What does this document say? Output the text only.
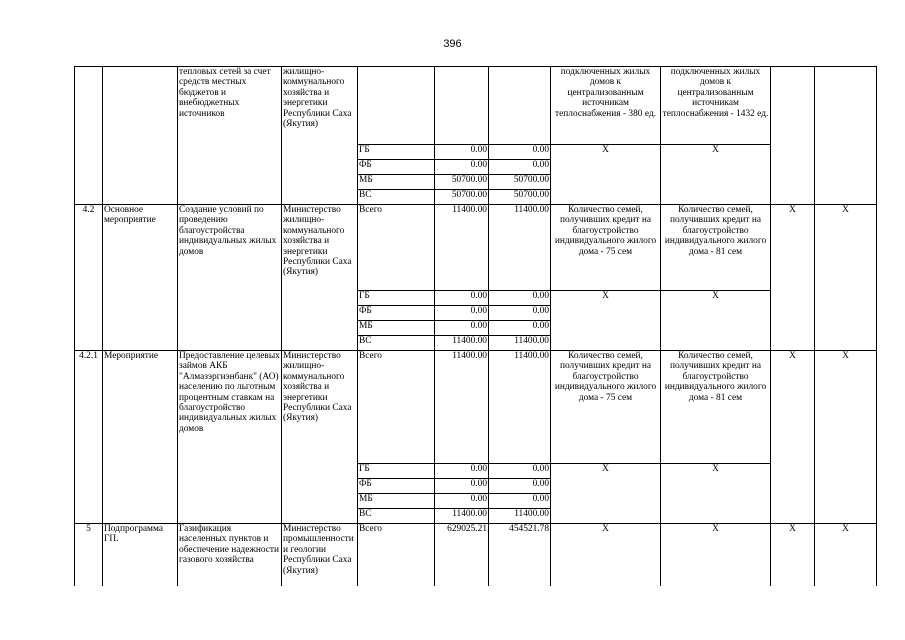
396
		тепловых сетей за счет средств местных бюджетов и внебюджетных источников	жилищно-коммунального хозяйства и энергетики Республики Саха (Якутия)				подключенных жилых домов к централизованным источникам теплоснабжения - 380 ед.	подключенных жилых домов к централизованным источникам теплоснабжения - 1432 ед.		
				ГБ	0.00	0.00	X	X		
				ФБ	0.00	0.00				
				МБ	50700.00	50700.00				
				ВС	50700.00	50700.00				
4.2	Основное мероприятие	Создание условий по проведению благоустройства индивидуальных жилых домов	Министерство жилищно-коммунального хозяйства и энергетики Республики Саха (Якутия)	Всего	11400.00	11400.00	Количество семей, получивших кредит на благоустройство индивидуального жилого дома - 75 сем	Количество семей, получивших кредит на благоустройство индивидуального жилого дома - 81 сем	X	X
				ГБ	0.00	0.00	X	X		
				ФБ	0.00	0.00				
				МБ	0.00	0.00				
				ВС	11400.00	11400.00				
4.2.1	Мероприятие	Предоставление целевых займов АКБ "Алмазэргиэнбанк" (АО) населению по льготным процентным ставкам на благоустройство индивидуальных жилых домов	Министерство жилищно-коммунального хозяйства и энергетики Республики Саха (Якутия)	Всего	11400.00	11400.00	Количество семей, получивших кредит на благоустройство индивидуального жилого дома - 75 сем	Количество семей, получивших кредит на благоустройство индивидуального жилого дома - 81 сем	X	X
				ГБ	0.00	0.00	X	X		
				ФБ	0.00	0.00				
				МБ	0.00	0.00				
				ВС	11400.00	11400.00				
5	Подпрограмма ГП.	Газификация населенных пунктов и обеспечение надежности газового хозяйства	Министерство промышленности и геологии Республики Саха (Якутия)	Всего	629025.21	454521.78	X	X	X	X
